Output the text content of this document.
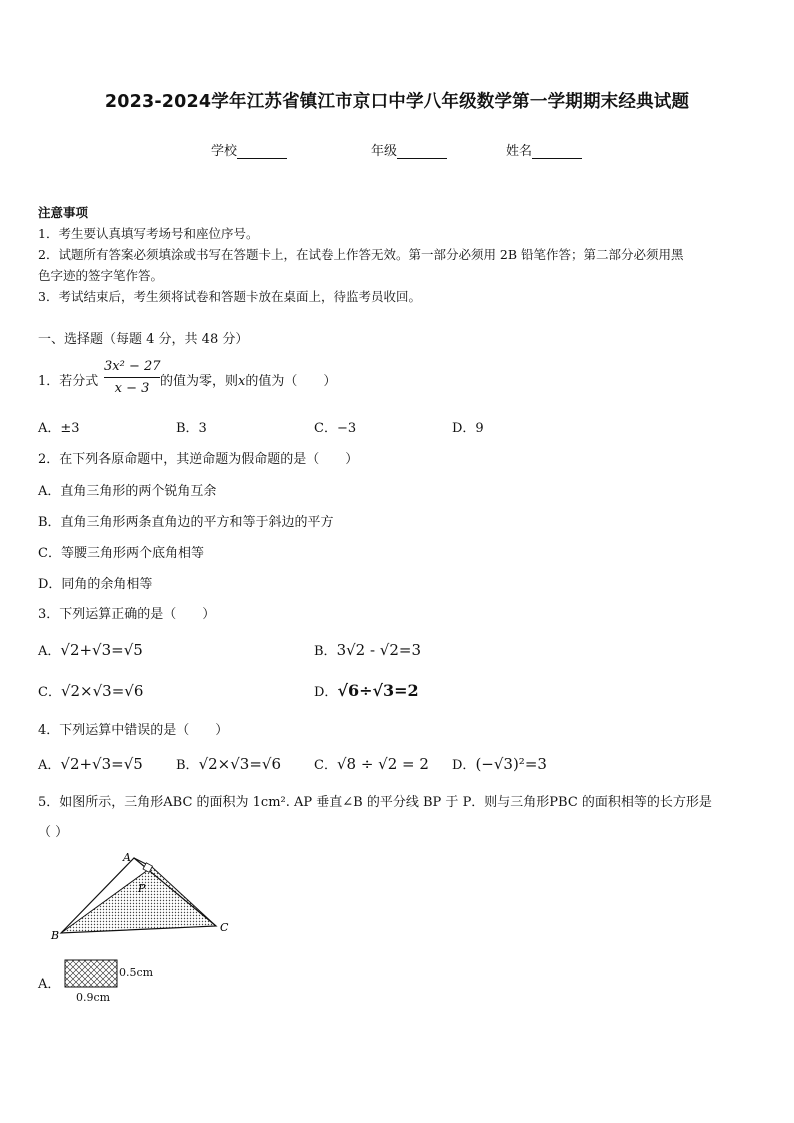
2023-2024学年江苏省镇江市京口中学八年级数学第一学期期末经典试题
学校	年级	姓名
注意事项
1．考生要认真填写考场号和座位序号。
2．试题所有答案必须填涂或书写在答题卡上，在试卷上作答无效。第一部分必须用 2B 铅笔作答；第二部分必须用黑
色字迹的签字笔作答。
3．考试结束后，考生须将试卷和答题卡放在桌面上，待监考员收回。
一、选择题（每题 4 分，共 48 分）
1．若分式
3x² − 27
x − 3 的值为零，则x的值为（　　）
A．±3	B．3	C．−3	D．9
2．在下列各原命题中，其逆命题为假命题的是（　　）
A．直角三角形的两个锐角互余
B．直角三角形两条直角边的平方和等于斜边的平方
C．等腰三角形两个底角相等
D．同角的余角相等
3．下列运算正确的是（　　）
A．√2+√3=√5	B．3√2 - √2=3
C．√2×√3=√6	D．√6÷√3=2
4．下列运算中错误的是（　　）
A．√2+√3=√5	B．√2×√3=√6	C．√8 ÷ √2 = 2 D．(−√3)²=3
5．如图所示，三角形ABC 的面积为 1cm². AP 垂直∠B 的平分线 BP 于 P．则与三角形PBC 的面积相等的长方形是
（ ）
A
P
B
C
A．
0.5cm
0.9cm
